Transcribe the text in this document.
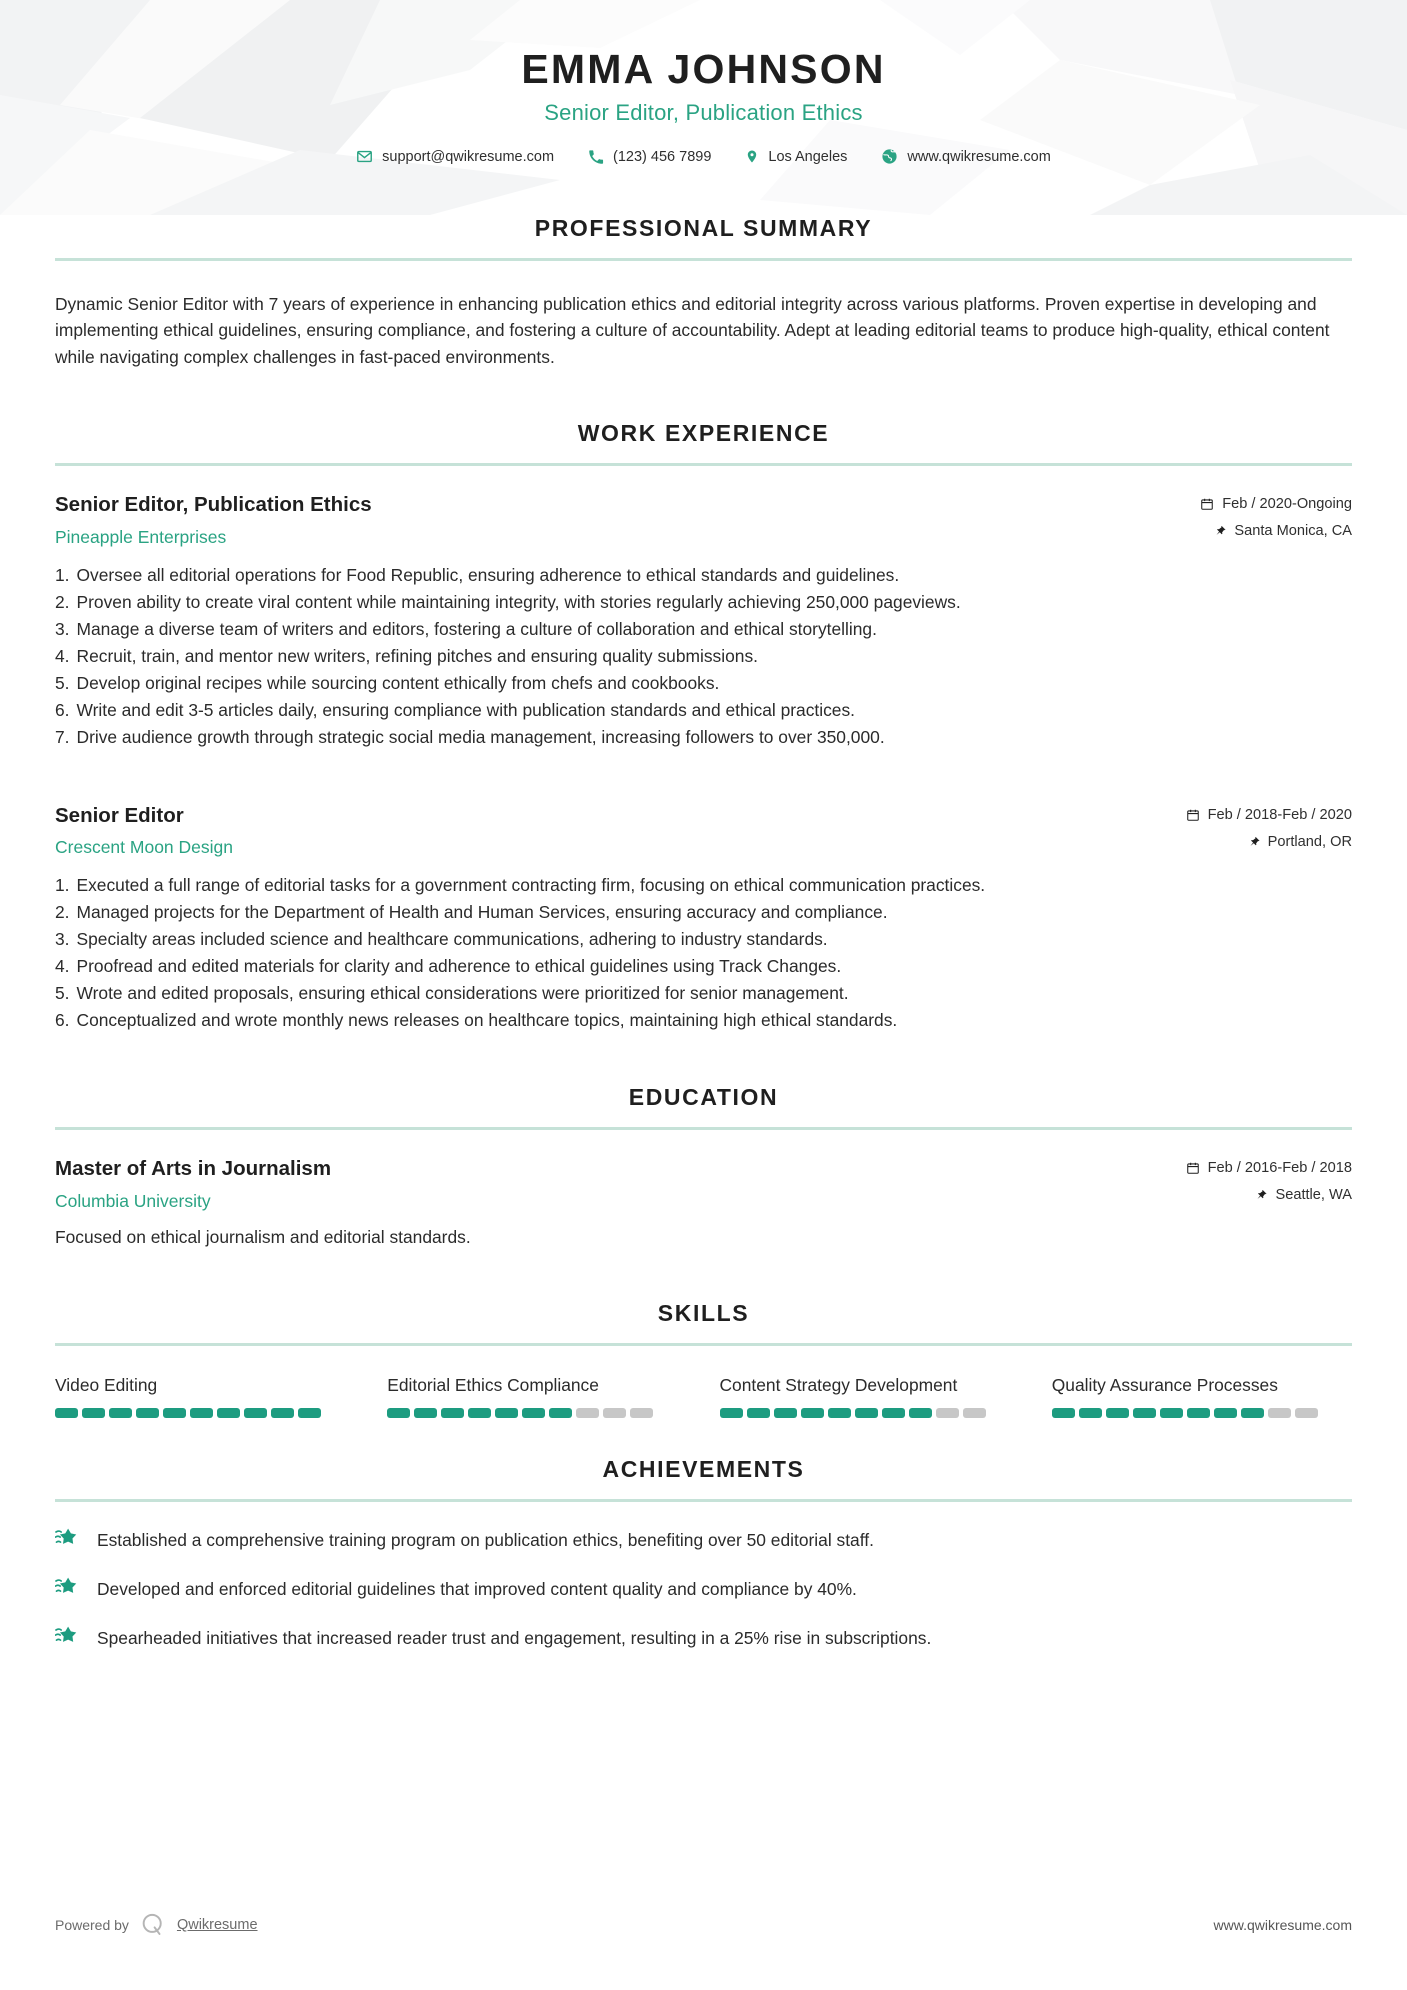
EMMA JOHNSON
Senior Editor, Publication Ethics
support@qwikresume.com	(123) 456 7899	Los Angeles	www.qwikresume.com
PROFESSIONAL SUMMARY
Dynamic Senior Editor with 7 years of experience in enhancing publication ethics and editorial integrity across various platforms. Proven expertise in developing and implementing ethical guidelines, ensuring compliance, and fostering a culture of accountability. Adept at leading editorial teams to produce high-quality, ethical content while navigating complex challenges in fast-paced environments.
WORK EXPERIENCE
Senior Editor, Publication Ethics
Pineapple Enterprises
Feb / 2020-Ongoing
Santa Monica, CA
1. Oversee all editorial operations for Food Republic, ensuring adherence to ethical standards and guidelines.
2. Proven ability to create viral content while maintaining integrity, with stories regularly achieving 250,000 pageviews.
3. Manage a diverse team of writers and editors, fostering a culture of collaboration and ethical storytelling.
4. Recruit, train, and mentor new writers, refining pitches and ensuring quality submissions.
5. Develop original recipes while sourcing content ethically from chefs and cookbooks.
6. Write and edit 3-5 articles daily, ensuring compliance with publication standards and ethical practices.
7. Drive audience growth through strategic social media management, increasing followers to over 350,000.
Senior Editor
Crescent Moon Design
Feb / 2018-Feb / 2020
Portland, OR
1. Executed a full range of editorial tasks for a government contracting firm, focusing on ethical communication practices.
2. Managed projects for the Department of Health and Human Services, ensuring accuracy and compliance.
3. Specialty areas included science and healthcare communications, adhering to industry standards.
4. Proofread and edited materials for clarity and adherence to ethical guidelines using Track Changes.
5. Wrote and edited proposals, ensuring ethical considerations were prioritized for senior management.
6. Conceptualized and wrote monthly news releases on healthcare topics, maintaining high ethical standards.
EDUCATION
Master of Arts in Journalism
Columbia University
Feb / 2016-Feb / 2018
Seattle, WA
Focused on ethical journalism and editorial standards.
SKILLS
Video Editing	Editorial Ethics Compliance	Content Strategy Development	Quality Assurance Processes
ACHIEVEMENTS
Established a comprehensive training program on publication ethics, benefiting over 50 editorial staff.
Developed and enforced editorial guidelines that improved content quality and compliance by 40%.
Spearheaded initiatives that increased reader trust and engagement, resulting in a 25% rise in subscriptions.
Powered by	Qwikresume	www.qwikresume.com
